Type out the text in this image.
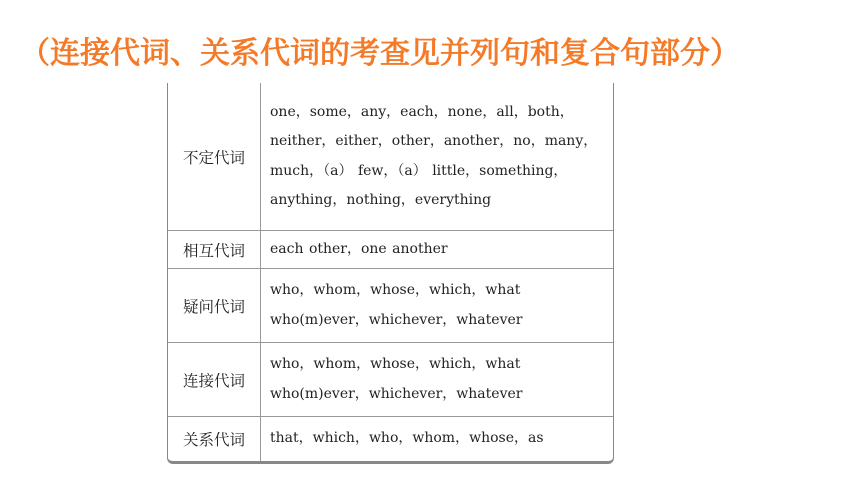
（连接代词、关系代词的考查见并列句和复合句部分）
不定代词
one，some，any，each，none，all，both，
neither，either，other，another，no，many，
much，（a） few，（a） little，something，
anything，nothing，everything
相互代词	each other，one another
疑问代词
who，whom，whose，which，what
who(m)ever，whichever，whatever
连接代词
who，whom，whose，which，what
who(m)ever，whichever，whatever
关系代词	that，which，who，whom，whose，as
